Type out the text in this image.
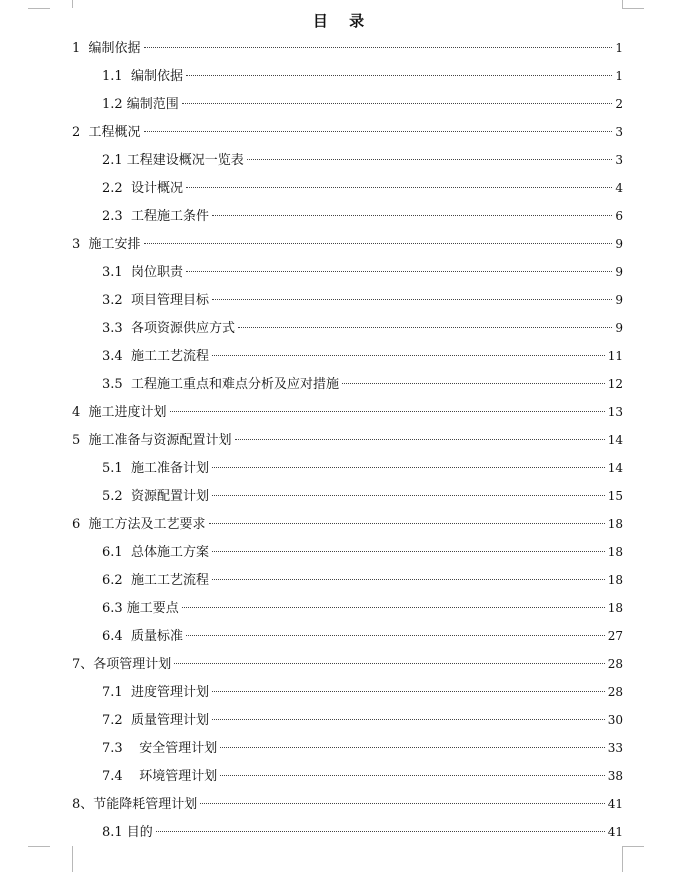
目 录
1  编制依据	1
1.1  编制依据	1
1.2 编制范围	2
2  工程概况	3
2.1 工程建设概况一览表	3
2.2  设计概况	4
2.3  工程施工条件	6
3  施工安排	9
3.1  岗位职责	9
3.2  项目管理目标	9
3.3  各项资源供应方式	9
3.4  施工工艺流程	11
3.5  工程施工重点和难点分析及应对措施	12
4  施工进度计划	13
5  施工准备与资源配置计划	14
5.1  施工准备计划	14
5.2  资源配置计划	15
6  施工方法及工艺要求	18
6.1  总体施工方案	18
6.2  施工工艺流程	18
6.3 施工要点	18
6.4  质量标准	27
7、各项管理计划	28
7.1  进度管理计划	28
7.2  质量管理计划	30
7.3    安全管理计划	33
7.4    环境管理计划	38
8、节能降耗管理计划	41
8.1 目的	41
